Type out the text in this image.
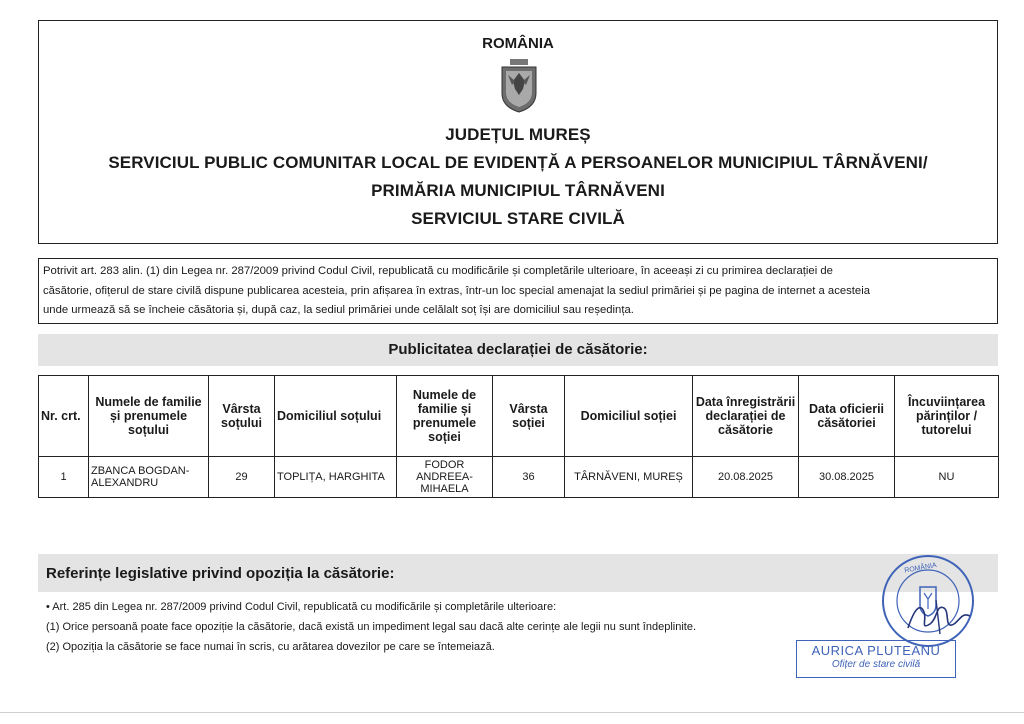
ROMÂNIA
JUDEȚUL MUREȘ
SERVICIUL PUBLIC COMUNITAR LOCAL DE EVIDENȚĂ A PERSOANELOR MUNICIPIUL TÂRNĂVENI/
PRIMĂRIA MUNICIPIUL TÂRNĂVENI
SERVICIUL STARE CIVILĂ
Potrivit art. 283 alin. (1) din Legea nr. 287/2009 privind Codul Civil, republicată cu modificările și completările ulterioare, în aceeași zi cu primirea declarației de
căsătorie, ofițerul de stare civilă dispune publicarea acesteia, prin afișarea în extras, într-un loc special amenajat la sediul primăriei și pe pagina de internet a acesteia
unde urmează să se încheie căsătoria și, după caz, la sediul primăriei unde celălalt soț își are domiciliul sau reședința.
Publicitatea declarației de căsătorie:
Nr. crt.	Numele de familie și prenumele soțului	Vârsta soțului	Domiciliul soțului	Numele de familie și prenumele soției	Vârsta soției	Domiciliul soției	Data înregistrării declarației de căsătorie	Data oficierii căsătoriei	Încuviințarea părinților / tutorelui
1	ZBANCA BOGDAN-ALEXANDRU	29	TOPLIȚA, HARGHITA	FODOR ANDREEA-MIHAELA	36	TÂRNĂVENI, MUREȘ	20.08.2025	30.08.2025	NU
Referințe legislative privind opoziția la căsătorie:
• Art. 285 din Legea nr. 287/2009 privind Codul Civil, republicată cu modificările și completările ulterioare:
(1) Orice persoană poate face opoziție la căsătorie, dacă există un impediment legal sau dacă alte cerințe ale legii nu sunt îndeplinite.
(2) Opoziția la căsătorie se face numai în scris, cu arătarea dovezilor pe care se întemeiază.
ROMÂNIA
AURICA PLUTEANU
Ofițer de stare civilă
